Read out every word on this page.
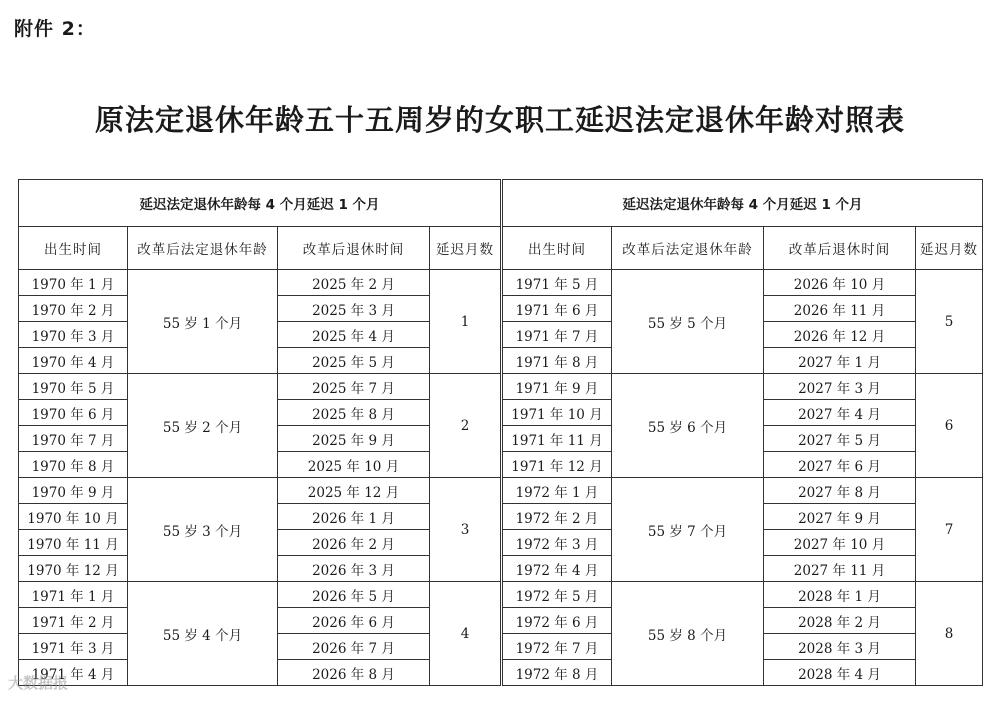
附件 2：
原法定退休年龄五十五周岁的女职工延迟法定退休年龄对照表
延迟法定退休年龄每 4 个月延迟 1 个月			
出生时间	改革后法定退休年龄	改革后退休时间	延迟月数
1970 年 1 月	55 岁 1 个月	2025 年 2 月	1
1970 年 2 月		2025 年 3 月	
1970 年 3 月		2025 年 4 月	
1970 年 4 月		2025 年 5 月	
1970 年 5 月	55 岁 2 个月	2025 年 7 月	2
1970 年 6 月		2025 年 8 月	
1970 年 7 月		2025 年 9 月	
1970 年 8 月		2025 年 10 月	
1970 年 9 月	55 岁 3 个月	2025 年 12 月	3
1970 年 10 月		2026 年 1 月	
1970 年 11 月		2026 年 2 月	
1970 年 12 月		2026 年 3 月	
1971 年 1 月	55 岁 4 个月	2026 年 5 月	4
1971 年 2 月		2026 年 6 月	
1971 年 3 月		2026 年 7 月	
1971 年 4 月		2026 年 8 月	
延迟法定退休年龄每 4 个月延迟 1 个月			
出生时间	改革后法定退休年龄	改革后退休时间	延迟月数
1971 年 5 月	55 岁 5 个月	2026 年 10 月	5
1971 年 6 月		2026 年 11 月	
1971 年 7 月		2026 年 12 月	
1971 年 8 月		2027 年 1 月	
1971 年 9 月	55 岁 6 个月	2027 年 3 月	6
1971 年 10 月		2027 年 4 月	
1971 年 11 月		2027 年 5 月	
1971 年 12 月		2027 年 6 月	
1972 年 1 月	55 岁 7 个月	2027 年 8 月	7
1972 年 2 月		2027 年 9 月	
1972 年 3 月		2027 年 10 月	
1972 年 4 月		2027 年 11 月	
1972 年 5 月	55 岁 8 个月	2028 年 1 月	8
1972 年 6 月		2028 年 2 月	
1972 年 7 月		2028 年 3 月	
1972 年 8 月		2028 年 4 月	
大数据报
